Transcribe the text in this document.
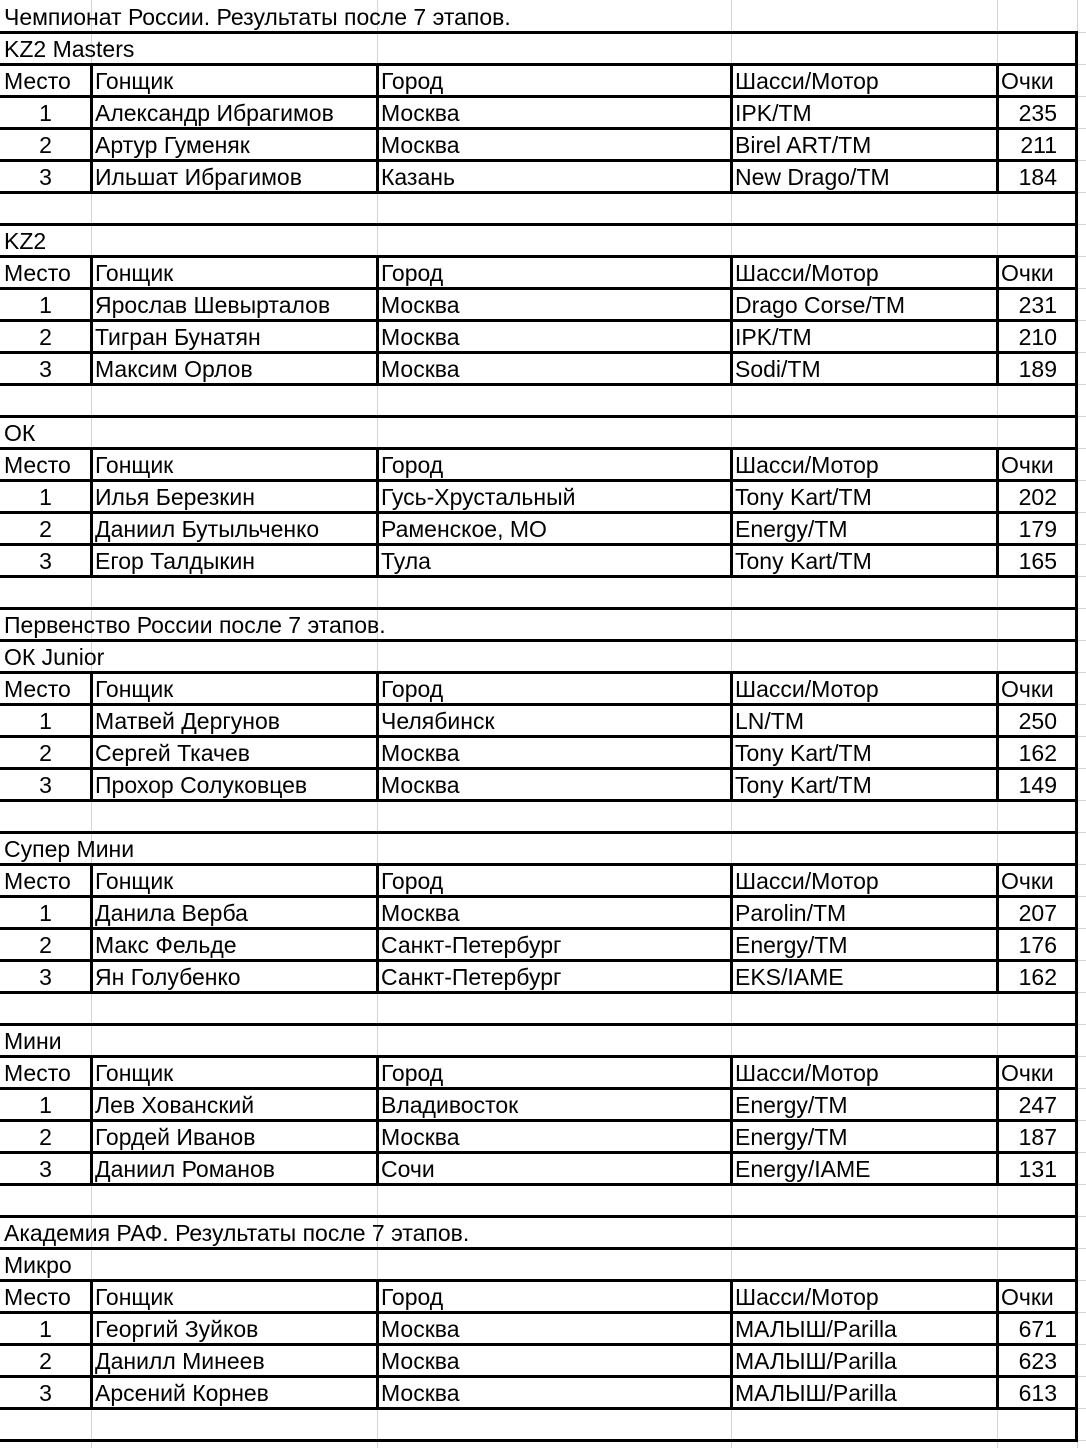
Чемпионат России. Результаты после 7 этапов.
KZ2 Masters
Место	Гонщик	Город	Шасси/Мотор	Очки
1	Александр Ибрагимов	Москва	IPK/TM	235
2	Артур Гуменяк	Москва	Birel ART/TM	211
3	Ильшат Ибрагимов	Казань	New Drago/TM	184
KZ2
Место	Гонщик	Город	Шасси/Мотор	Очки
1	Ярослав Шевырталов	Москва	Drago Corse/TM	231
2	Тигран Бунатян	Москва	IPK/TM	210
3	Максим Орлов	Москва	Sodi/TM	189
ОК
Место	Гонщик	Город	Шасси/Мотор	Очки
1	Илья Березкин	Гусь-Хрустальный	Tony Kart/TM	202
2	Даниил Бутыльченко	Раменское, МО	Energy/TM	179
3	Егор Талдыкин	Тула	Tony Kart/TM	165
Первенство России после 7 этапов.
ОК Junior
Место	Гонщик	Город	Шасси/Мотор	Очки
1	Матвей Дергунов	Челябинск	LN/TM	250
2	Сергей Ткачев	Москва	Tony Kart/TM	162
3	Прохор Солуковцев	Москва	Tony Kart/TM	149
Супер Мини
Место	Гонщик	Город	Шасси/Мотор	Очки
1	Данила Верба	Москва	Parolin/TM	207
2	Макс Фельде	Санкт-Петербург	Energy/TM	176
3	Ян Голубенко	Санкт-Петербург	EKS/IAME	162
Мини
Место	Гонщик	Город	Шасси/Мотор	Очки
1	Лев Хованский	Владивосток	Energy/TM	247
2	Гордей Иванов	Москва	Energy/TM	187
3	Даниил Романов	Сочи	Energy/IAME	131
Академия РАФ. Результаты после 7 этапов.
Микро
Место	Гонщик	Город	Шасси/Мотор	Очки
1	Георгий Зуйков	Москва	МАЛЫШ/Parilla	671
2	Данилл Минеев	Москва	МАЛЫШ/Parilla	623
3	Арсений Корнев	Москва	МАЛЫШ/Parilla	613
